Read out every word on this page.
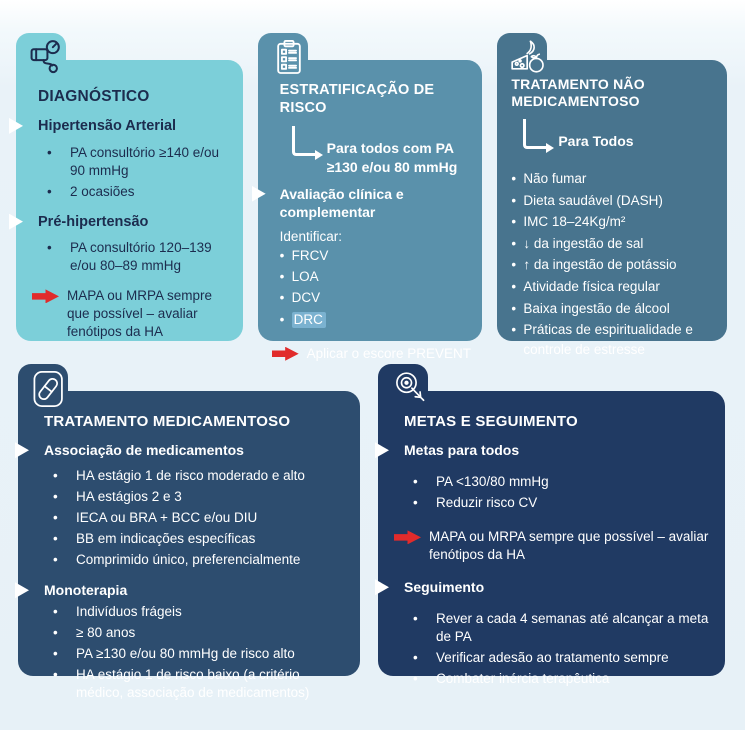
DIAGNÓSTICO
Hipertensão Arterial
• PA consultório ≥140 e/ou 90 mmHg
• 2 ocasiões
Pré-hipertensão
• PA consultório 120–139 e/ou 80–89 mmHg
MAPA ou MRPA sempre que possível – avaliar fenótipos da HA
ESTRATIFICAÇÃO DE RISCO
Para todos com PA ≥130 e/ou 80 mmHg
Avaliação clínica e complementar
Identificar:
• FRCV
• LOA
• DCV
• DRC
Aplicar o escore PREVENT
TRATAMENTO NÃO MEDICAMENTOSO
Para Todos
• Não fumar
• Dieta saudável (DASH)
• IMC 18–24Kg/m²
• ↓ da ingestão de sal
• ↑ da ingestão de potássio
• Atividade física regular
• Baixa ingestão de álcool
• Práticas de espiritualidade e controle de estresse
TRATAMENTO MEDICAMENTOSO
Associação de medicamentos
• HA estágio 1 de risco moderado e alto
• HA estágios 2 e 3
• IECA ou BRA + BCC e/ou DIU
• BB em indicações específicas
• Comprimido único, preferencialmente
Monoterapia
• Indivíduos frágeis
• ≥ 80 anos
• PA ≥130 e/ou 80 mmHg de risco alto
• HA estágio 1 de risco baixo (a critério médico, associação de medicamentos)
METAS E SEGUIMENTO
Metas para todos
• PA <130/80 mmHg
• Reduzir risco CV
MAPA ou MRPA sempre que possível – avaliar fenótipos da HA
Seguimento
• Rever a cada 4 semanas até alcançar a meta de PA
• Verificar adesão ao tratamento sempre
• Combater inércia terapêutica
